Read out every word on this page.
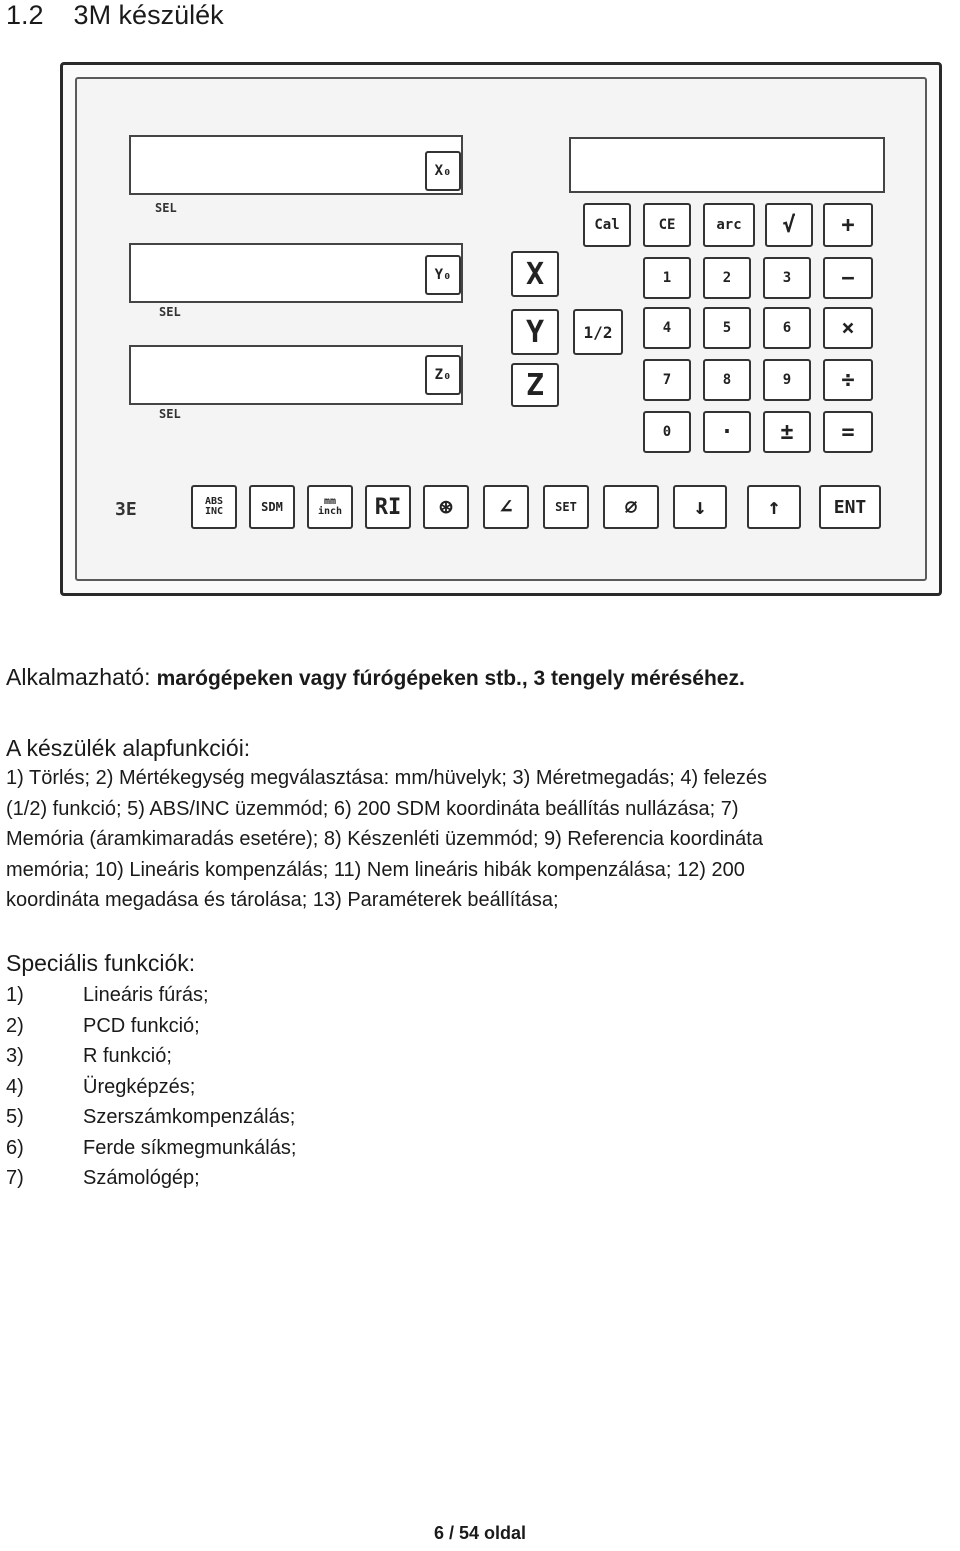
1.2 3M készülék
SEL
SEL
SEL
X₀
Y₀
Z₀
X
Y
Z
1/2
Cal	CE	arc	√	+
1	2	3	−
4	5	6	×
7	8	9	÷
0	·	±	=
3E	ABS INC	SDM	mm inch	RI	⊛	∠	SET	⌀	↓	↑	ENT
Alkalmazható: marógépeken vagy fúrógépeken stb., 3 tengely méréséhez.
A készülék alapfunkciói:
1) Törlés; 2) Mértékegység megválasztása: mm/hüvelyk; 3) Méretmegadás; 4) felezés
(1/2) funkció; 5) ABS/INC üzemmód; 6) 200 SDM koordináta beállítás nullázása; 7)
Memória (áramkimaradás esetére); 8) Készenléti üzemmód; 9) Referencia koordináta
memória; 10) Lineáris kompenzálás; 11) Nem lineáris hibák kompenzálása; 12) 200
koordináta megadása és tárolása; 13) Paraméterek beállítása;
Speciális funkciók:
1)	Lineáris fúrás;
2)	PCD funkció;
3)	R funkció;
4)	Üregképzés;
5)	Szerszámkompenzálás;
6)	Ferde síkmegmunkálás;
7)	Számológép;
6 / 54 oldal
